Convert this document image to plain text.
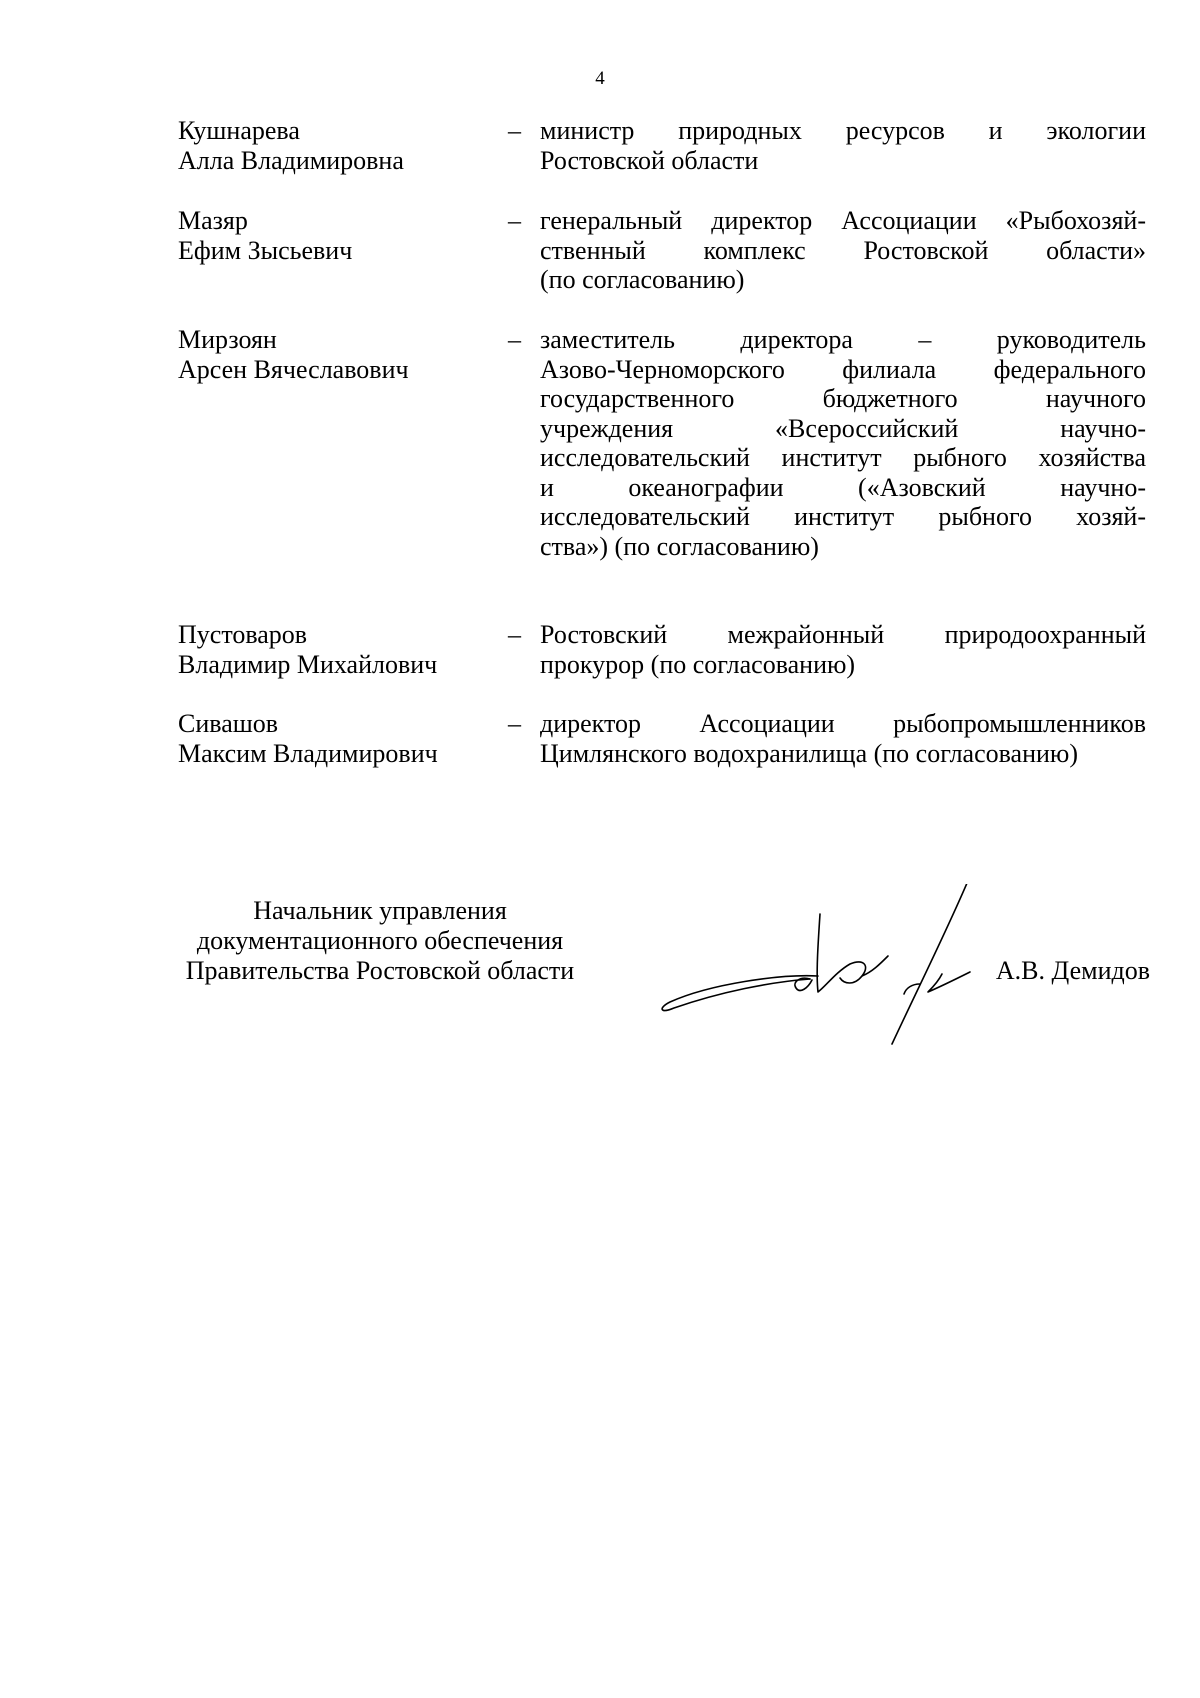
4
Кушнарева
Алла Владимировна
– министр природных ресурсов и экологии
Ростовской области
Мазяр
Ефим Зысьевич
– генеральный директор Ассоциации «Рыбохозяй-
ственный комплекс Ростовской области»
(по согласованию)
Мирзоян
Арсен Вячеславович
– заместитель директора – руководитель
Азово-Черноморского филиала федерального
государственного бюджетного научного
учреждения «Всероссийский научно-
исследовательский институт рыбного хозяйства
и океанографии («Азовский научно-
исследовательский институт рыбного хозяй-
ства») (по согласованию)
Пустоваров
Владимир Михайлович
– Ростовский межрайонный природоохранный
прокурор (по согласованию)
Сивашов
Максим Владимирович
– директор Ассоциации рыбопромышленников
Цимлянского водохранилища (по согласованию)
Начальник управления
документационного обеспечения
Правительства Ростовской области	А.В. Демидов
